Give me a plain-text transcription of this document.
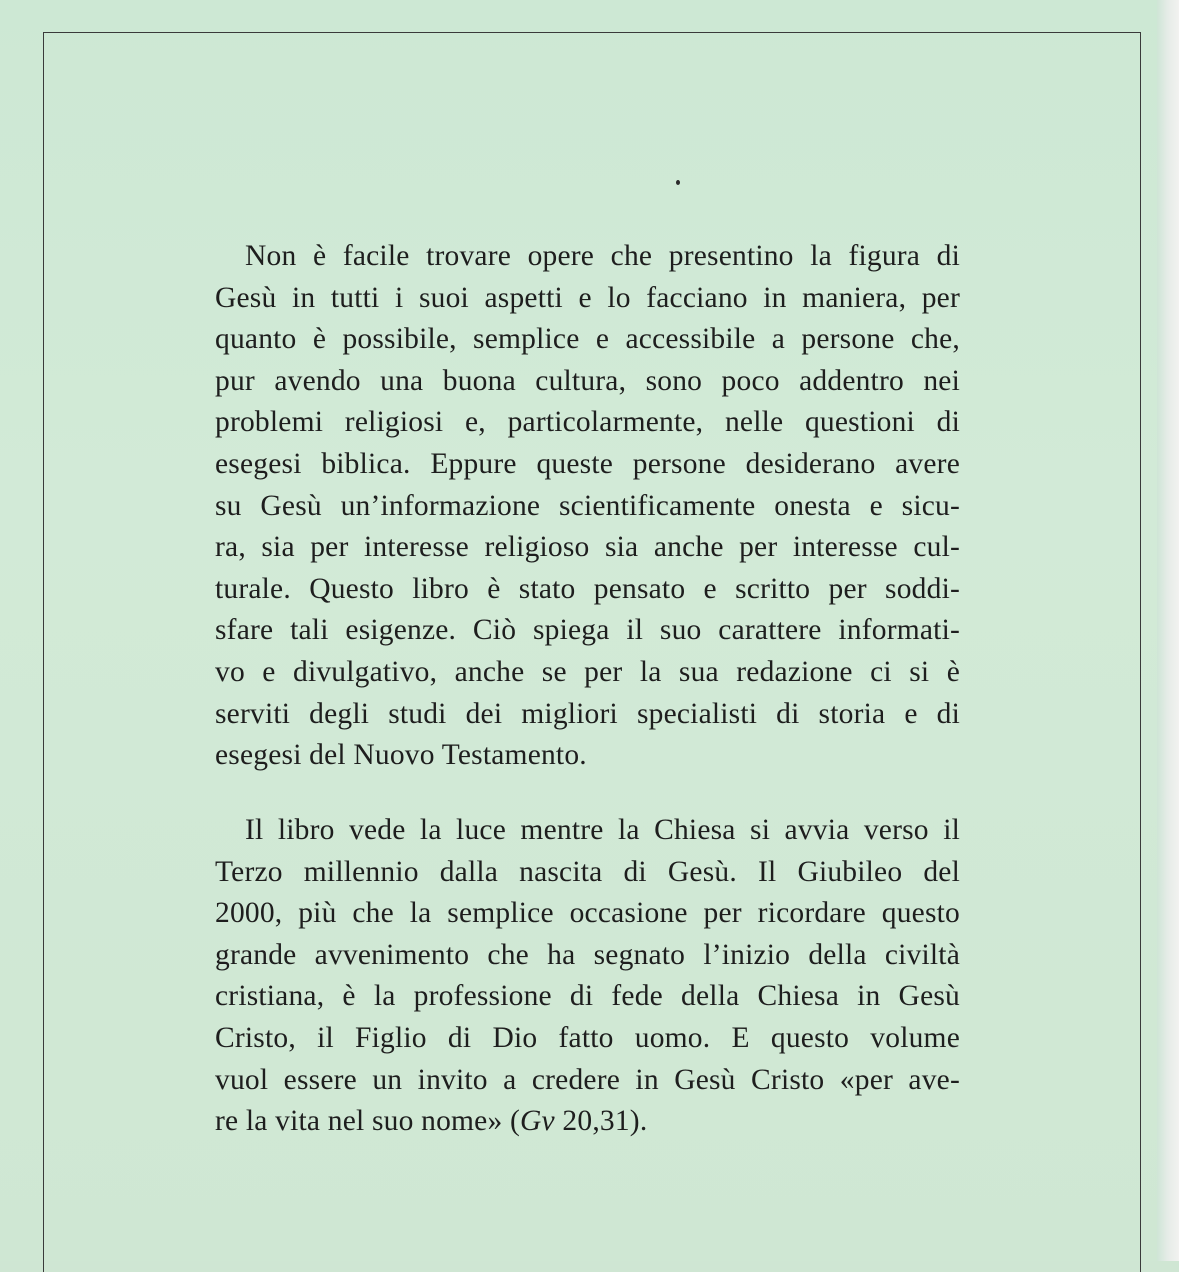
Non è facile trovare opere che presentino la figura di
Gesù in tutti i suoi aspetti e lo facciano in maniera, per
quanto è possibile, semplice e accessibile a persone che,
pur avendo una buona cultura, sono poco addentro nei
problemi religiosi e, particolarmente, nelle questioni di
esegesi biblica. Eppure queste persone desiderano avere
su Gesù un’informazione scientificamente onesta e sicu-
ra, sia per interesse religioso sia anche per interesse cul-
turale. Questo libro è stato pensato e scritto per soddi-
sfare tali esigenze. Ciò spiega il suo carattere informati-
vo e divulgativo, anche se per la sua redazione ci si è
serviti degli studi dei migliori specialisti di storia e di
esegesi del Nuovo Testamento.
Il libro vede la luce mentre la Chiesa si avvia verso il
Terzo millennio dalla nascita di Gesù. Il Giubileo del
2000, più che la semplice occasione per ricordare questo
grande avvenimento che ha segnato l’inizio della civiltà
cristiana, è la professione di fede della Chiesa in Gesù
Cristo, il Figlio di Dio fatto uomo. E questo volume
vuol essere un invito a credere in Gesù Cristo «per ave-
re la vita nel suo nome» (Gv 20,31).
